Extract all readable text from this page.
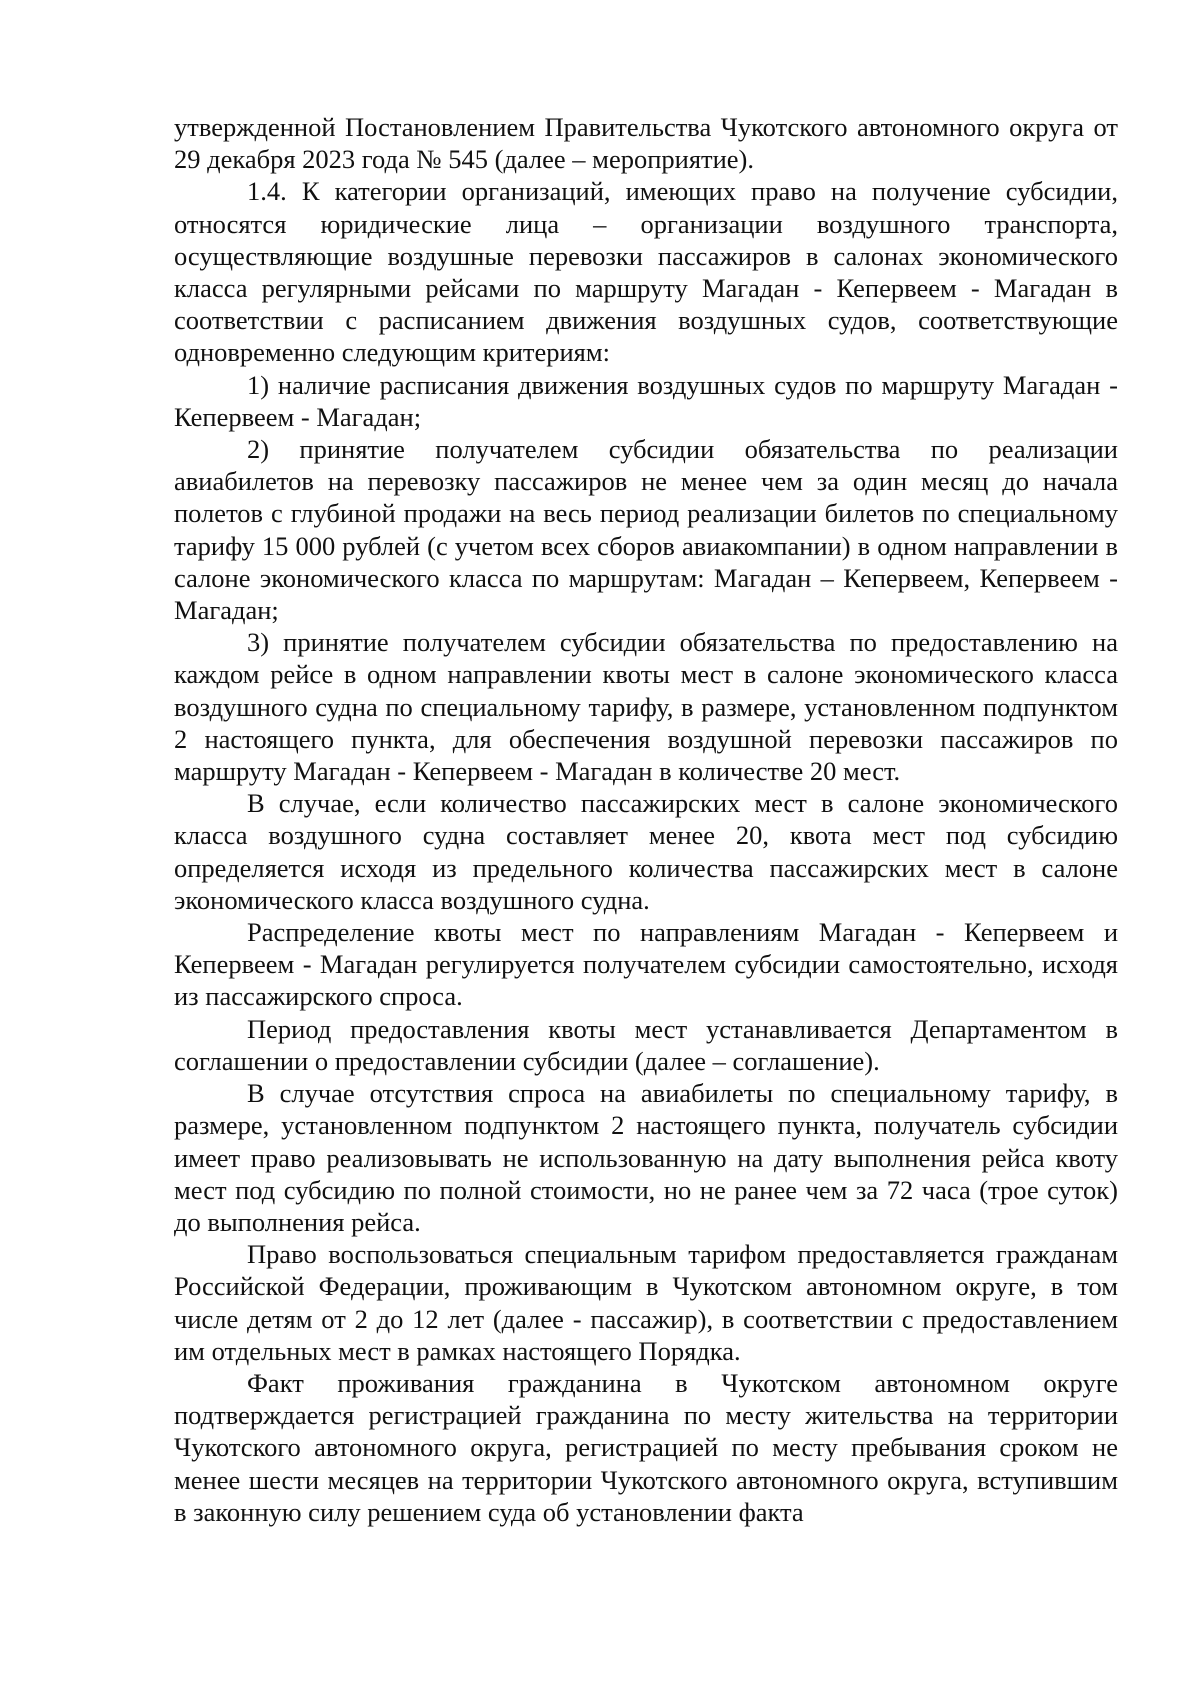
утвержденной Постановлением Правительства Чукотского автономного округа от 29 декабря 2023 года № 545 (далее – мероприятие).

1.4. К категории организаций, имеющих право на получение субсидии, относятся юридические лица – организации воздушного транспорта, осуществляющие воздушные перевозки пассажиров в салонах экономического класса регулярными рейсами по маршруту Магадан - Кепервеем - Магадан в соответствии с расписанием движения воздушных судов, соответствующие одновременно следующим критериям:

1) наличие расписания движения воздушных судов по маршруту Магадан - Кепервеем - Магадан;

2) принятие получателем субсидии обязательства по реализации авиабилетов на перевозку пассажиров не менее чем за один месяц до начала полетов с глубиной продажи на весь период реализации билетов по специальному тарифу 15 000 рублей (с учетом всех сборов авиакомпании) в одном направлении в салоне экономического класса по маршрутам: Магадан – Кепервеем, Кепервеем - Магадан;

3) принятие получателем субсидии обязательства по предоставлению на каждом рейсе в одном направлении квоты мест в салоне экономического класса воздушного судна по специальному тарифу, в размере, установленном подпунктом 2 настоящего пункта, для обеспечения воздушной перевозки пассажиров по маршруту Магадан - Кепервеем - Магадан в количестве 20 мест.

В случае, если количество пассажирских мест в салоне экономического класса воздушного судна составляет менее 20, квота мест под субсидию определяется исходя из предельного количества пассажирских мест в салоне экономического класса воздушного судна.

Распределение квоты мест по направлениям Магадан - Кепервеем и Кепервеем - Магадан регулируется получателем субсидии самостоятельно, исходя из пассажирского спроса.

Период предоставления квоты мест устанавливается Департаментом в соглашении о предоставлении субсидии (далее – соглашение).

В случае отсутствия спроса на авиабилеты по специальному тарифу, в размере, установленном подпунктом 2 настоящего пункта, получатель субсидии имеет право реализовывать не использованную на дату выполнения рейса квоту мест под субсидию по полной стоимости, но не ранее чем за 72 часа (трое суток) до выполнения рейса.

Право воспользоваться специальным тарифом предоставляется гражданам Российской Федерации, проживающим в Чукотском автономном округе, в том числе детям от 2 до 12 лет (далее - пассажир), в соответствии с предоставлением им отдельных мест в рамках настоящего Порядка.

Факт проживания гражданина в Чукотском автономном округе подтверждается регистрацией гражданина по месту жительства на территории Чукотского автономного округа, регистрацией по месту пребывания сроком не менее шести месяцев на территории Чукотского автономного округа, вступившим в законную силу решением суда об установлении факта
